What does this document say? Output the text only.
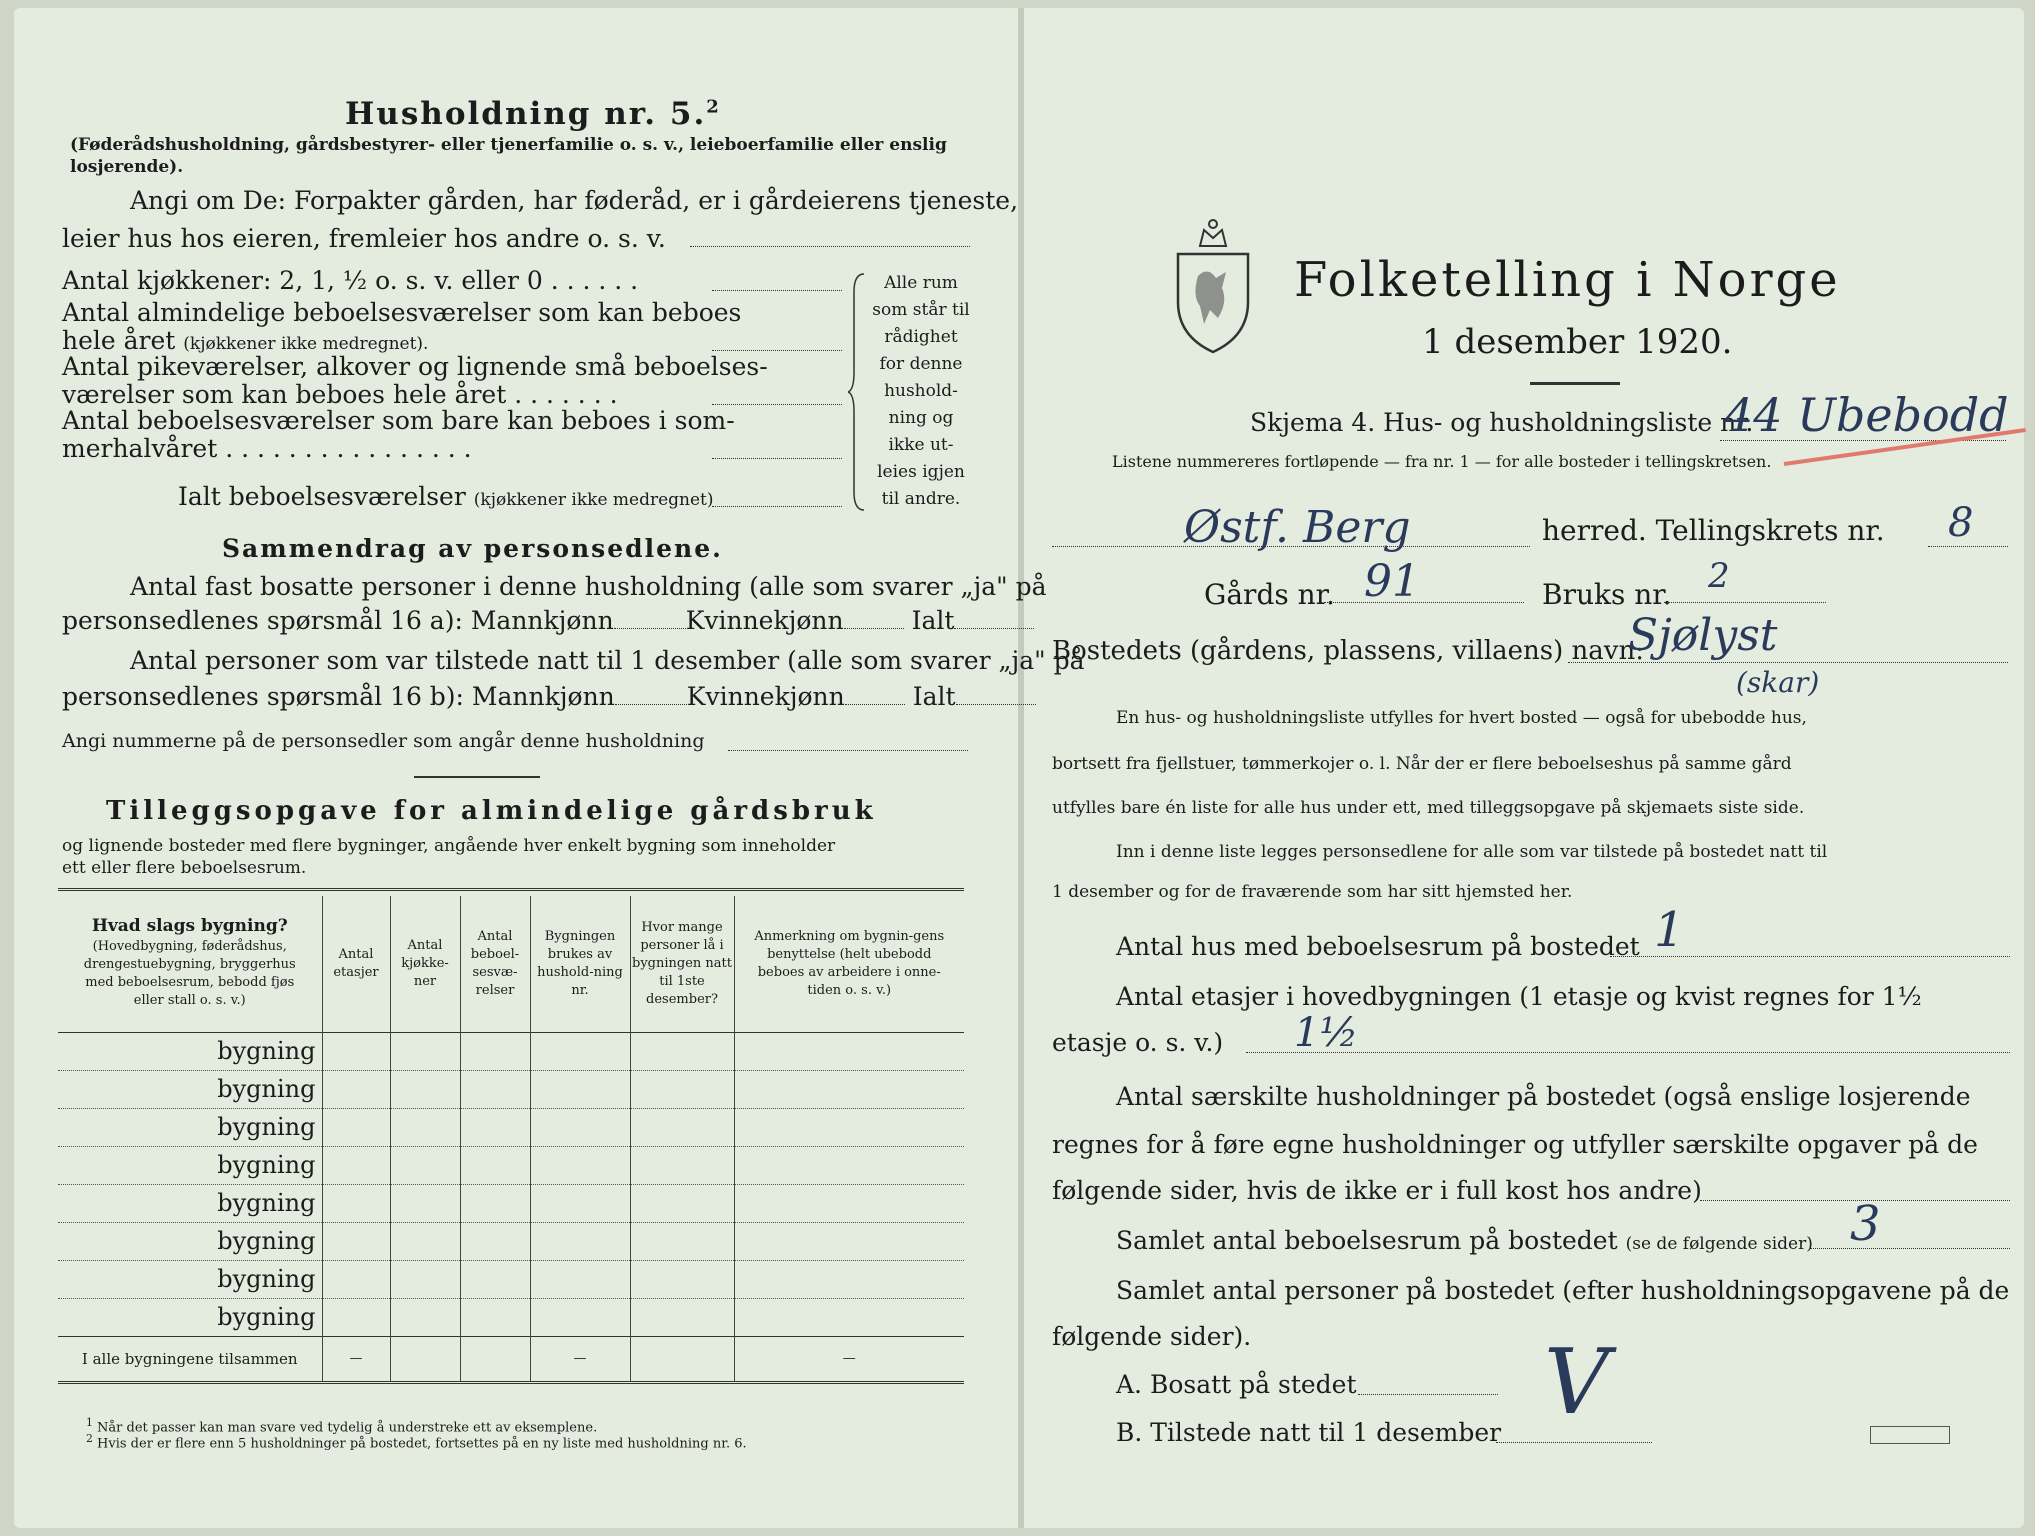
Husholdning nr. 5.$^2$
(Føderådshusholdning, gårdsbestyrer- eller tjenerfamilie o. s. v., leieboerfamilie eller enslig losjerende).
Angi om De: Forpakter gården, har føderåd, er i gårdeierens tjeneste,
leier hus hos eieren, fremleier hos andre o. s. v.
Antal kjøkkener: 2, 1, ½ o. s. v. eller 0 . . . . . .
Antal almindelige beboelsesværelser som kan beboes
hele året (kjøkkener ikke medregnet).
Antal pikeværelser, alkover og lignende små beboelses-
værelser som kan beboes hele året . . . . . . .
Antal beboelsesværelser som bare kan beboes i som-
merhalvåret . . . . . . . . . . . . . . . .
Ialt beboelsesværelser (kjøkkener ikke medregnet)
Alle rum
som står til
rådighet
for denne
hushold-
ning og
ikke ut-
leies igjen
til andre.
Sammendrag av personsedlene.
Antal fast bosatte personer i denne husholdning (alle som svarer „ja" på
personsedlenes spørsmål 16 a): Mannkjønn	Kvinnekjønn	Ialt
Antal personer som var tilstede natt til 1 desember (alle som svarer „ja" på
personsedlenes spørsmål 16 b): Mannkjønn	Kvinnekjønn	Ialt
Angi nummerne på de personsedler som angår denne husholdning
Tilleggsopgave for almindelige gårdsbruk
og lignende bosteder med flere bygninger, angående hver enkelt bygning som inneholder
ett eller flere beboelsesrum.
Hvad slags bygning?
(Hovedbygning, føderådshus, drengestuebygning, bryggerhus med beboelsesrum, bebodd fjøs eller stall o. s. v.)	Antal etasjer	Antal kjøkke-ner	Antal beboel-sesvæ-relser	Bygningen brukes av hushold-ning nr.	Hvor mange personer lå i bygningen natt til 1ste desember?	Anmerkning om bygnin-gens benyttelse (helt ubebodd beboes av arbeidere i onne-tiden o. s. v.)
bygning						
bygning						
bygning						
bygning						
bygning						
bygning						
bygning						
bygning						
I alle bygningene tilsammen	—			—		—
$^1$ Når det passer kan man svare ved tydelig å understreke ett av eksemplene.
$^2$ Hvis der er flere enn 5 husholdninger på bostedet, fortsettes på en ny liste med husholdning nr. 6.
Folketelling i Norge
1 desember 1920.
Skjema 4. Hus- og husholdningsliste nr.
44 Ubebodd
Listene nummereres fortløpende — fra nr. 1 — for alle bosteder i tellingskretsen.
Østf. Berg	herred. Tellingskrets nr. 8
Gårds nr. 91	Bruks nr. 2
Bostedets (gårdens, plassens, villaens) navn:
Sjølyst
(skar)
En hus- og husholdningsliste utfylles for hvert bosted — også for ubebodde hus,
bortsett fra fjellstuer, tømmerkojer o. l. Når der er flere beboelseshus på samme gård
utfylles bare én liste for alle hus under ett, med tilleggsopgave på skjemaets siste side.
Inn i denne liste legges personsedlene for alle som var tilstede på bostedet natt til
1 desember og for de fraværende som har sitt hjemsted her.
Antal hus med beboelsesrum på bostedet 1
Antal etasjer i hovedbygningen (1 etasje og kvist regnes for 1½
etasje o. s. v.) 1½
Antal særskilte husholdninger på bostedet (også enslige losjerende
regnes for å føre egne husholdninger og utfyller særskilte opgaver på de
følgende sider, hvis de ikke er i full kost hos andre)
Samlet antal beboelsesrum på bostedet (se de følgende sider) 3
Samlet antal personer på bostedet (efter husholdningsopgavene på de
følgende sider).
A. Bosatt på stedet
B. Tilstede natt til 1 desember V
